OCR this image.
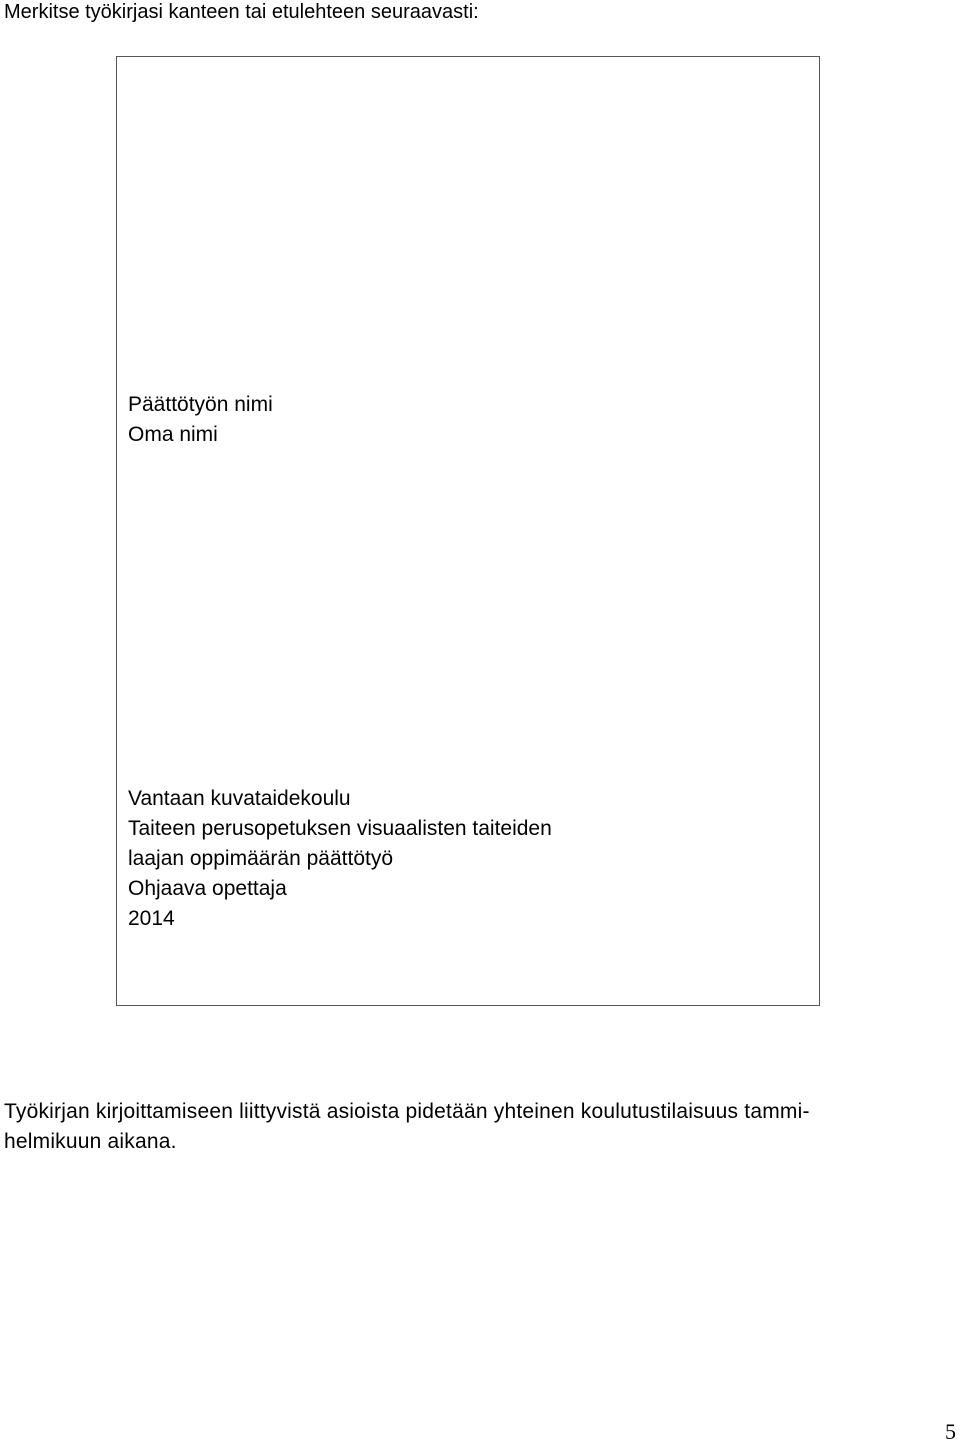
Merkitse työkirjasi kanteen tai etulehteen seuraavasti:
Päättötyön nimi
Oma nimi
Vantaan kuvataidekoulu
Taiteen perusopetuksen visuaalisten taiteiden
laajan oppimäärän päättötyö
Ohjaava opettaja
2014
Työkirjan kirjoittamiseen liittyvistä asioista pidetään yhteinen koulutustilaisuus tammi-
helmikuun aikana.
5
